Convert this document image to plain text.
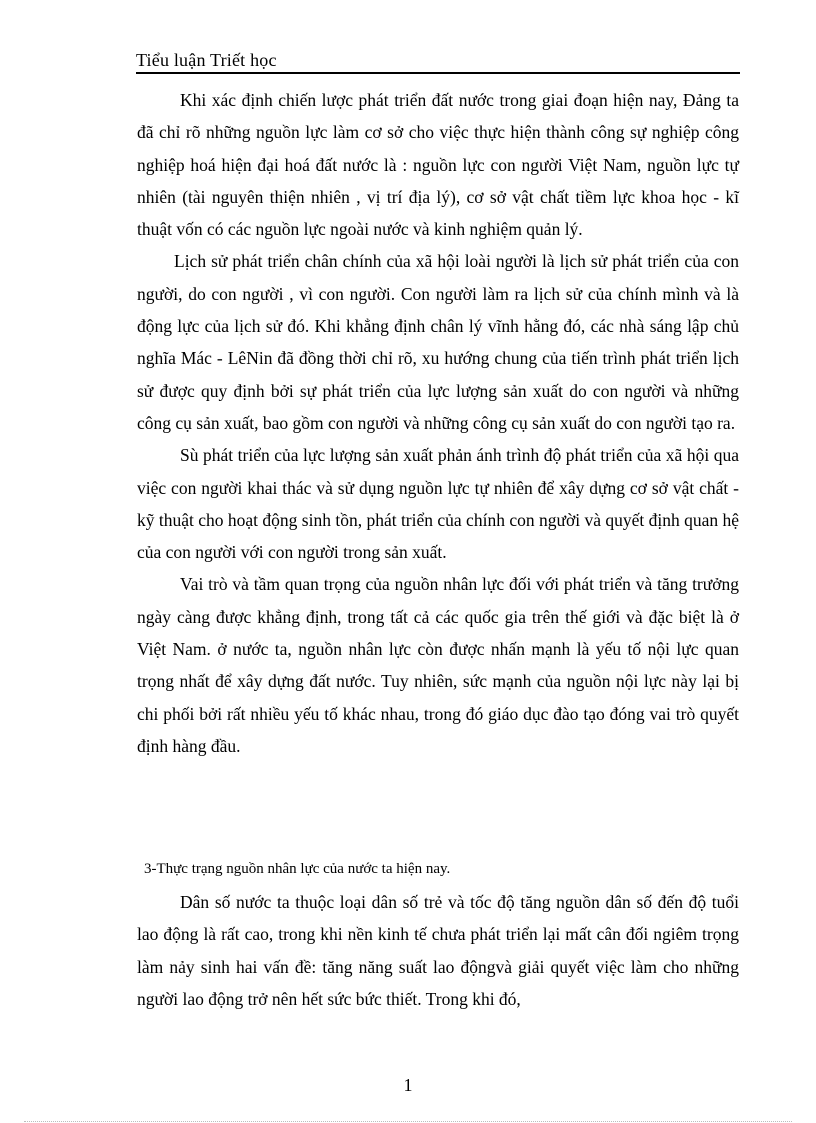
Tiểu luận Triết học

Khi xác định chiến lược phát triển đất nước trong giai đoạn hiện nay, Đảng ta đã chỉ rõ những nguồn lực làm cơ sở cho việc thực hiện thành công sự nghiệp công nghiệp hoá hiện đại hoá đất nước là : nguồn lực con người Việt Nam, nguồn lực tự nhiên (tài nguyên thiện nhiên , vị trí địa lý), cơ sở vật chất tiềm lực khoa học - kĩ thuật vốn có các nguồn lực ngoài nước và kinh nghiệm quản lý.

Lịch sử phát triển chân chính của xã hội loài người là lịch sử phát triển của con người, do con người , vì con người. Con người làm ra lịch sử của chính mình và là động lực của lịch sử đó. Khi khẳng định chân lý vĩnh hằng đó, các nhà sáng lập chủ nghĩa Mác - LêNin đã đồng thời chỉ rõ, xu hướng chung của tiến trình phát triển lịch sử được quy định bởi sự phát triển của lực lượng sản xuất do con người và những công cụ sản xuất, bao gồm con người và những công cụ sản xuất do con người tạo ra.

Sù phát triển của lực lượng sản xuất phản ánh trình độ phát triển của xã hội qua việc con người khai thác và sử dụng nguồn lực tự nhiên để xây dựng cơ sở vật chất - kỹ thuật cho hoạt động sinh tồn, phát triển của chính con người và quyết định quan hệ của con người với con người trong sản xuất.

Vai trò và tầm quan trọng của nguồn nhân lực đối với phát triển và tăng trưởng ngày càng được khẳng định, trong tất cả các quốc gia trên thế giới và đặc biệt là ở Việt Nam. ở nước ta, nguồn nhân lực còn được nhấn mạnh là yếu tố nội lực quan trọng nhất để xây dựng đất nước. Tuy nhiên, sức mạnh của nguồn nội lực này lại bị chi phối bởi rất nhiều yếu tố khác nhau, trong đó giáo dục đào tạo đóng vai trò quyết định hàng đầu.

3-Thực trạng nguồn nhân lực của nước ta hiện nay.

Dân số nước ta thuộc loại dân số trẻ và tốc độ tăng nguồn dân số đến độ tuổi lao động là rất cao, trong khi nền kinh tế chưa phát triển lại mất cân đối ngiêm trọng làm nảy sinh hai vấn đề: tăng năng suất lao độngvà giải quyết việc làm cho những người lao động trở nên hết sức bức thiết. Trong khi đó,

1
